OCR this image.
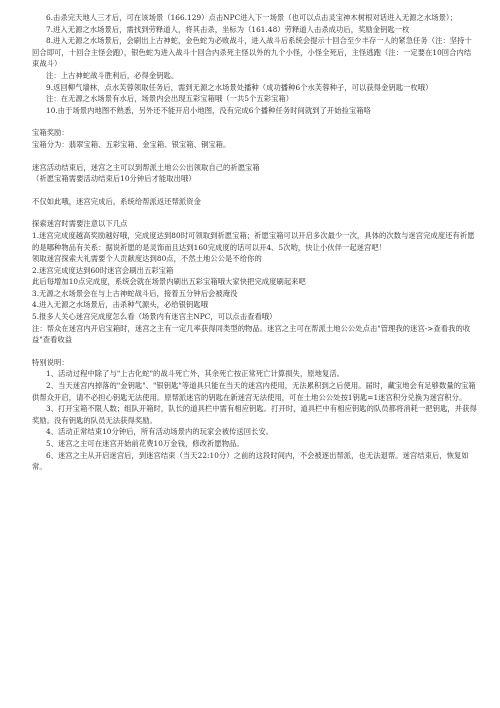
6.击杀完天地人三才后，可在该场景（166.129）点击NPC进入下一场景（也可以点击灵宝神木树根对话进入无源之水场景）；

7.进入无源之水场景后，需找到劳释道人，将其击杀，坐标为（161.48）劳释道人击杀成功后，奖励金钥匙一枚

8.进入无源之水场景后，会刷出上古神蛇，金色蛇为必败战斗，进入战斗后系统会提示十回合至少丰存一人的紧急任务（注：坚持十回合即可，十回合主怪会跑），银色蛇为进入战斗十回合内杀死主怪以外的九个小怪，小怪全死后，主怪逃跑（注：一定要在10回合内结束战斗）

注：上古神蛇战斗胜利后，必得金钥匙。

9.返回柳气墙林，点水芙蓉领取任务后，需到无源之水场景处播种（成功播种6个水芙蓉种子，可以获得金钥匙一枚哦）

注：在无源之水场景有水后，场景内会出现五彩宝箱哦（一共5个五彩宝箱）

10.由于场景内地图不熟悉，另外还不能开启小地图，没有完成6个播种任务时间就到了开始捡宝箱咯

宝箱奖励：

宝箱分为：翡翠宝箱、五彩宝箱、金宝箱、银宝箱、铜宝箱。

迷宫活动结束后，迷宫之主可以到帮派土地公公出领取自己的祈愿宝箱

（祈愿宝箱需要活动结束后10分钟后才能取出哦）

不仅如此哦，迷宫完成后，系统给帮派返还帮派资金

探索迷宫时需要注意以下几点

1.迷宫完成度越高奖励越好哦，完成度达到80时可领取到祈愿宝箱；祈愿宝箱可以开启多次最少一次，具体的次数与迷宫完成度还有祈愿的是哪种物品有关系：据说祈愿的是灵饰而且达到160完成度的话可以开4、5次哟，快让小伙伴一起迷宫吧！

领取迷宫探索大礼需要个人贡献度达到80点，不然土地公公是不给你的

2.迷宫完成度达到60时迷宫会刷出五彩宝箱

此后每增加10点完成度，系统会就在场景内刷出五彩宝箱哦大家快把完成度刷起来吧

3.无源之水场景会在与上古神蛇战斗后，接着五分钟后会被淹没

4.进入无源之水场景后，击杀种气源头，必给银钥匙哦

5.报多人关心迷宫完成度怎么看（场景内有迷宫主NPC，可以点击查看哦）

注：帮众在迷宫内开启宝箱时，迷宫之主有一定几率获得同类型的物品。迷宫之主可在帮派土地公公处点击"管理我的迷宫->查看我的收益"查看收益

特别说明：

1、活动过程中除了与"上古化蛇"的战斗死亡外，其余死亡按正常死亡计算损失，原地复活。

2、当天迷宫内掉落的"金钥匙"、"银钥匙"等道具只能在当天的迷宫内使用，无法累积到之后使用。届时，藏宝地会有足够数量的宝箱供帮众开启，请不必担心钥匙无法使用。原帮派迷宫的钥匙在新迷宫无法使用，可在土地公公处按1钥匙=1迷宫积分兑换为迷宫积分。

3、打开宝箱不限人数；组队开箱时，队长的道具栏中需有相应钥匙。打开时，道具栏中有相应钥匙的队员都将消耗一把钥匙，并获得奖励。没有钥匙的队员无法获得奖励。

4、活动正常结束10分钟后，所有活动场景内的玩家会被传送回长安。

5、迷宫之主可在迷宫开始前花费10万金钱，修改祈愿物品。

6、迷宫之主从开启迷宫后，到迷宫结束（当天22:10分）之前的这段时间内，不会被逐出帮派，也无法退帮。迷宫结束后，恢复如常。
